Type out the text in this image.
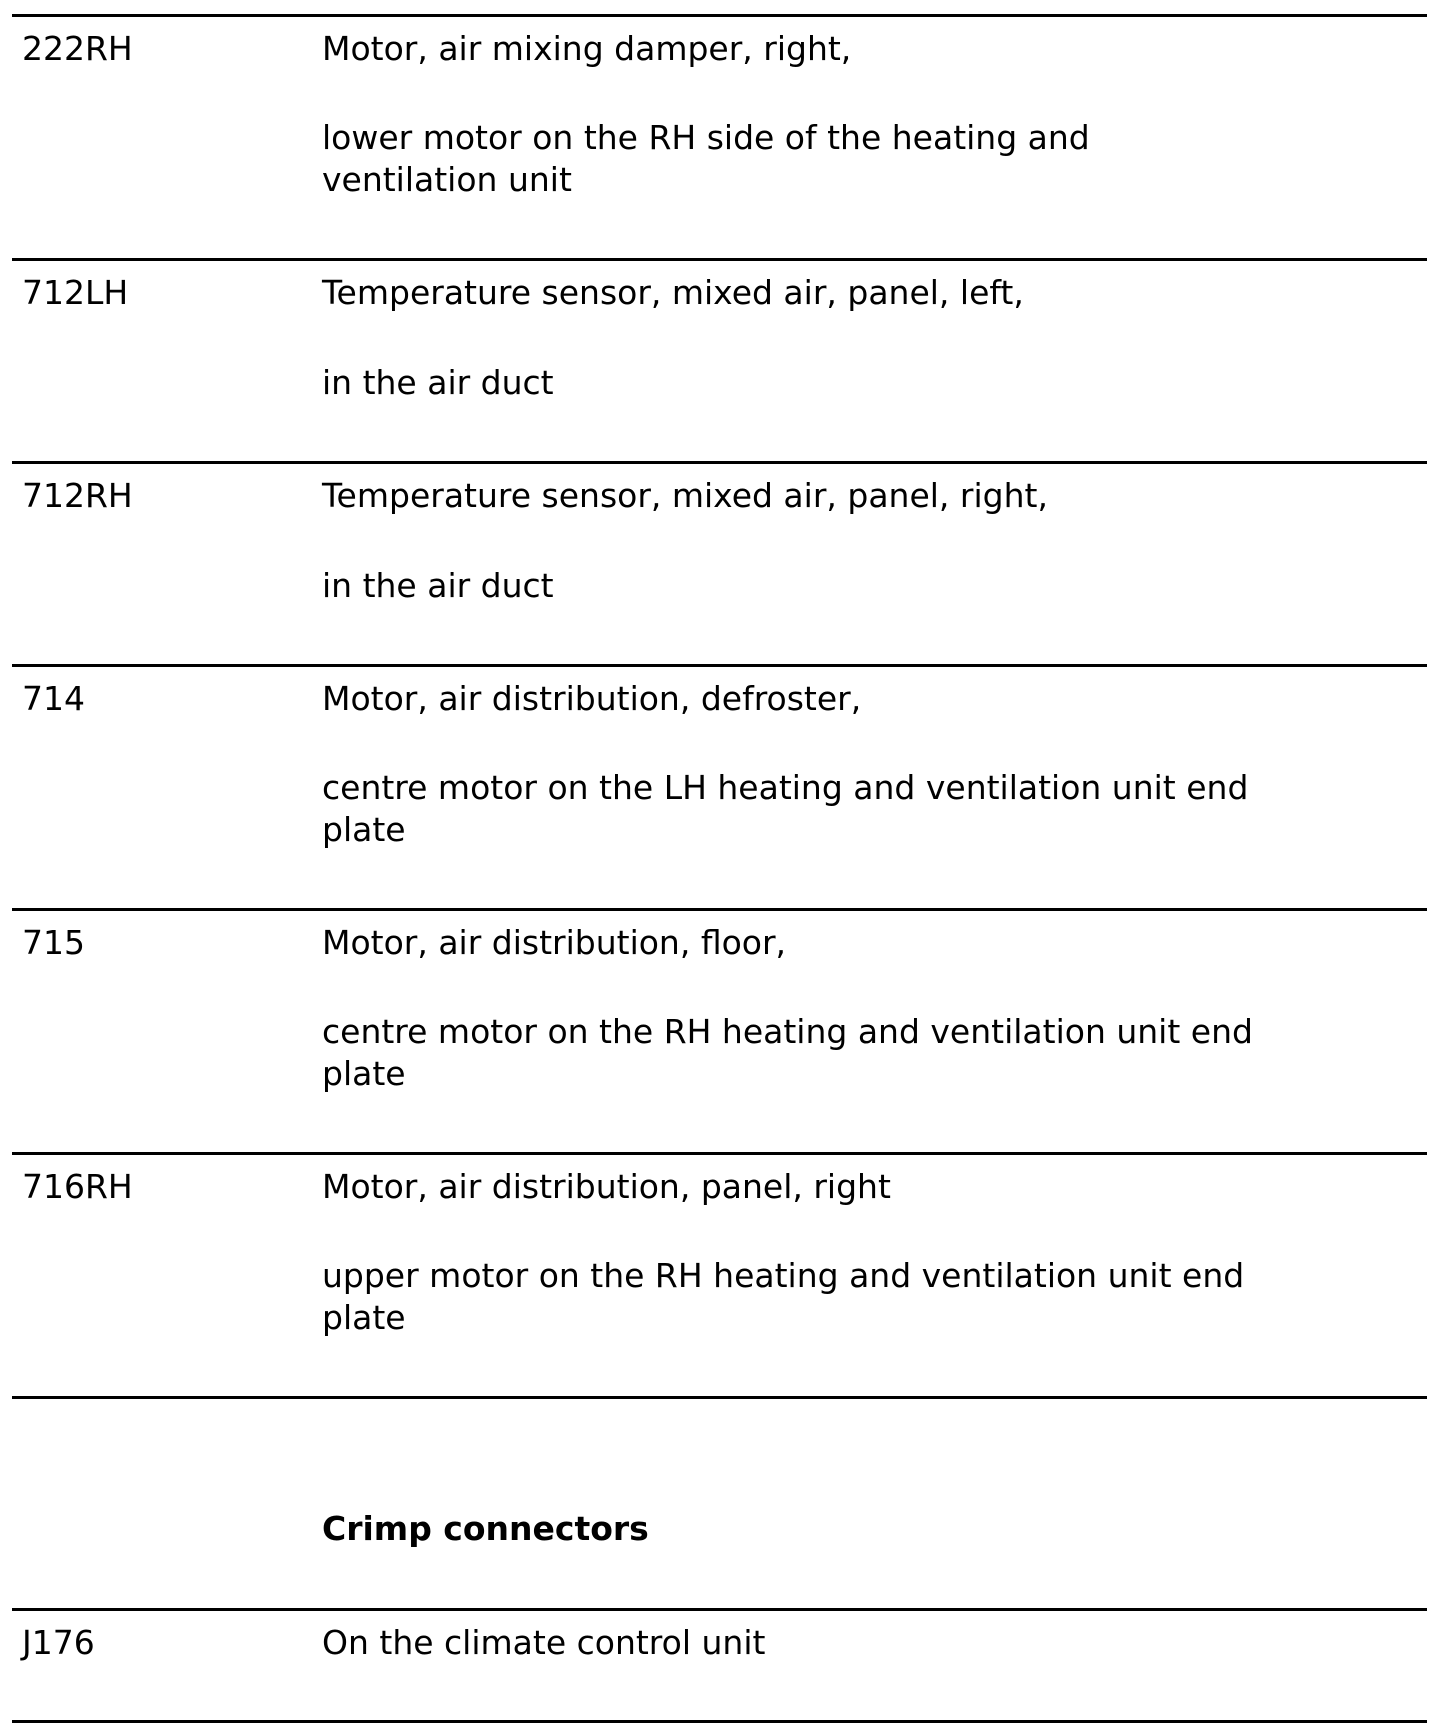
222RH	Motor, air mixing damper, right,
lower motor on the RH side of the heating and
ventilation unit
712LH	Temperature sensor, mixed air, panel, left,
in the air duct
712RH	Temperature sensor, mixed air, panel, right,
in the air duct
714	Motor, air distribution, defroster,
centre motor on the LH heating and ventilation unit end
plate
715	Motor, air distribution, floor,
centre motor on the RH heating and ventilation unit end
plate
716RH	Motor, air distribution, panel, right
upper motor on the RH heating and ventilation unit end
plate
Crimp connectors
J176	On the climate control unit
